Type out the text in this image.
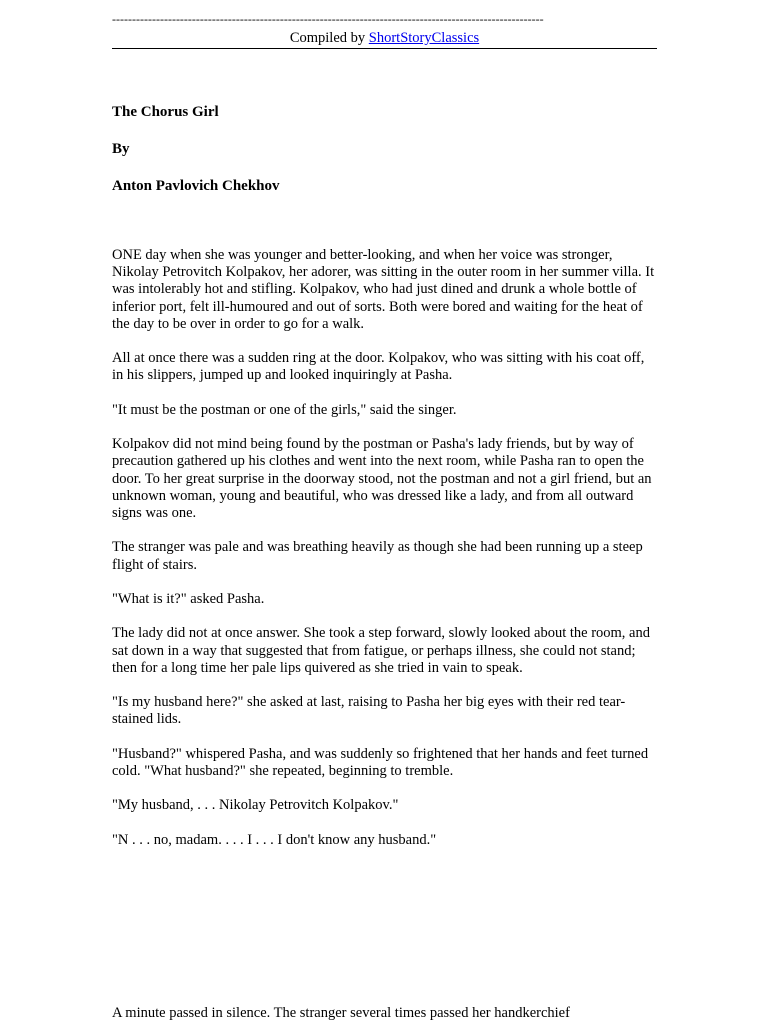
------------------------------------------------------------------------------------------------------------
Compiled by ShortStoryClassics

The Chorus Girl

By

Anton Pavlovich Chekhov

ONE day when she was younger and better-looking, and when her voice was stronger, Nikolay Petrovitch Kolpakov, her adorer, was sitting in the outer room in her summer villa. It was intolerably hot and stifling. Kolpakov, who had just dined and drunk a whole bottle of inferior port, felt ill-humoured and out of sorts. Both were bored and waiting for the heat of the day to be over in order to go for a walk.

All at once there was a sudden ring at the door. Kolpakov, who was sitting with his coat off, in his slippers, jumped up and looked inquiringly at Pasha.

"It must be the postman or one of the girls," said the singer.

Kolpakov did not mind being found by the postman or Pasha's lady friends, but by way of precaution gathered up his clothes and went into the next room, while Pasha ran to open the door. To her great surprise in the doorway stood, not the postman and not a girl friend, but an unknown woman, young and beautiful, who was dressed like a lady, and from all outward signs was one.

The stranger was pale and was breathing heavily as though she had been running up a steep flight of stairs.

"What is it?" asked Pasha.

The lady did not at once answer. She took a step forward, slowly looked about the room, and sat down in a way that suggested that from fatigue, or perhaps illness, she could not stand; then for a long time her pale lips quivered as she tried in vain to speak.

"Is my husband here?" she asked at last, raising to Pasha her big eyes with their red tear-stained lids.

"Husband?" whispered Pasha, and was suddenly so frightened that her hands and feet turned cold. "What husband?" she repeated, beginning to tremble.

"My husband, . . . Nikolay Petrovitch Kolpakov."

"N . . . no, madam. . . . I . . . I don't know any husband."

A minute passed in silence. The stranger several times passed her handkerchief
